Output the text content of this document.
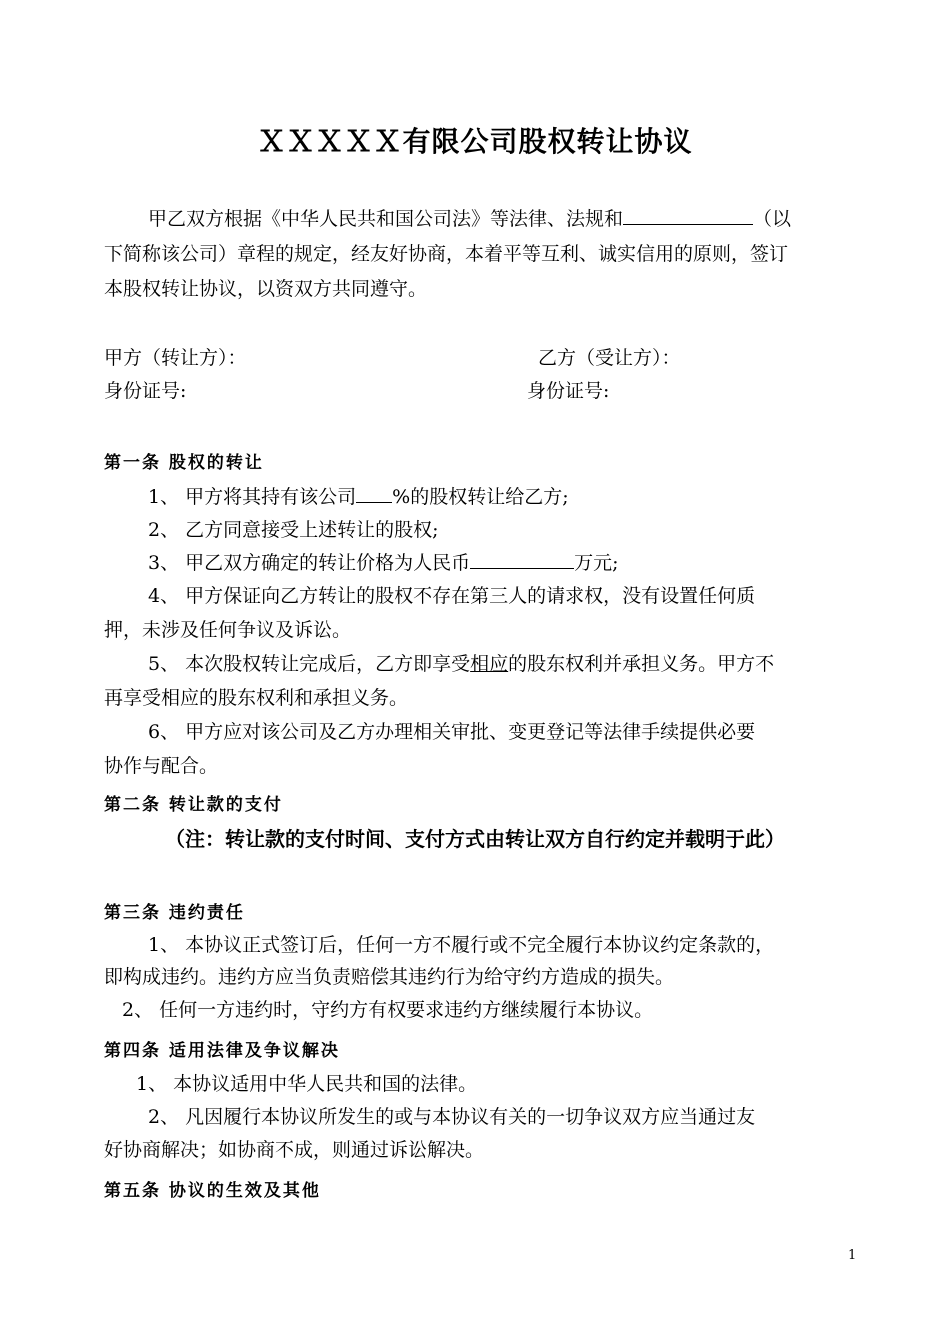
ＸＸＸＸＸ有限公司股权转让协议
甲乙双方根据《中华人民共和国公司法》等法律、法规和	（以
下简称该公司）章程的规定，经友好协商，本着平等互利、诚实信用的原则，签订
本股权转让协议，以资双方共同遵守。
甲方（转让方）：	乙方（受让方）：
身份证号:	身份证号:
第一条 股权的转让
1、 甲方将其持有该公司 %的股权转让给乙方;
2、 乙方同意接受上述转让的股权;
3、 甲乙双方确定的转让价格为人民币	万元;
4、 甲方保证向乙方转让的股权不存在第三人的请求权，没有设置任何质
押，未涉及任何争议及诉讼。
5、 本次股权转让完成后，乙方即享受相应的股东权利并承担义务。甲方不
再享受相应的股东权利和承担义务。
6、 甲方应对该公司及乙方办理相关审批、变更登记等法律手续提供必要
协作与配合。
第二条 转让款的支付
（注：转让款的支付时间、支付方式由转让双方自行约定并载明于此）
第三条 违约责任
1、 本协议正式签订后，任何一方不履行或不完全履行本协议约定条款的，
即构成违约。违约方应当负责赔偿其违约行为给守约方造成的损失。
2、 任何一方违约时，守约方有权要求违约方继续履行本协议。
第四条 适用法律及争议解决
1、 本协议适用中华人民共和国的法律。
2、 凡因履行本协议所发生的或与本协议有关的一切争议双方应当通过友
好协商解决；如协商不成，则通过诉讼解决。
第五条 协议的生效及其他
1
